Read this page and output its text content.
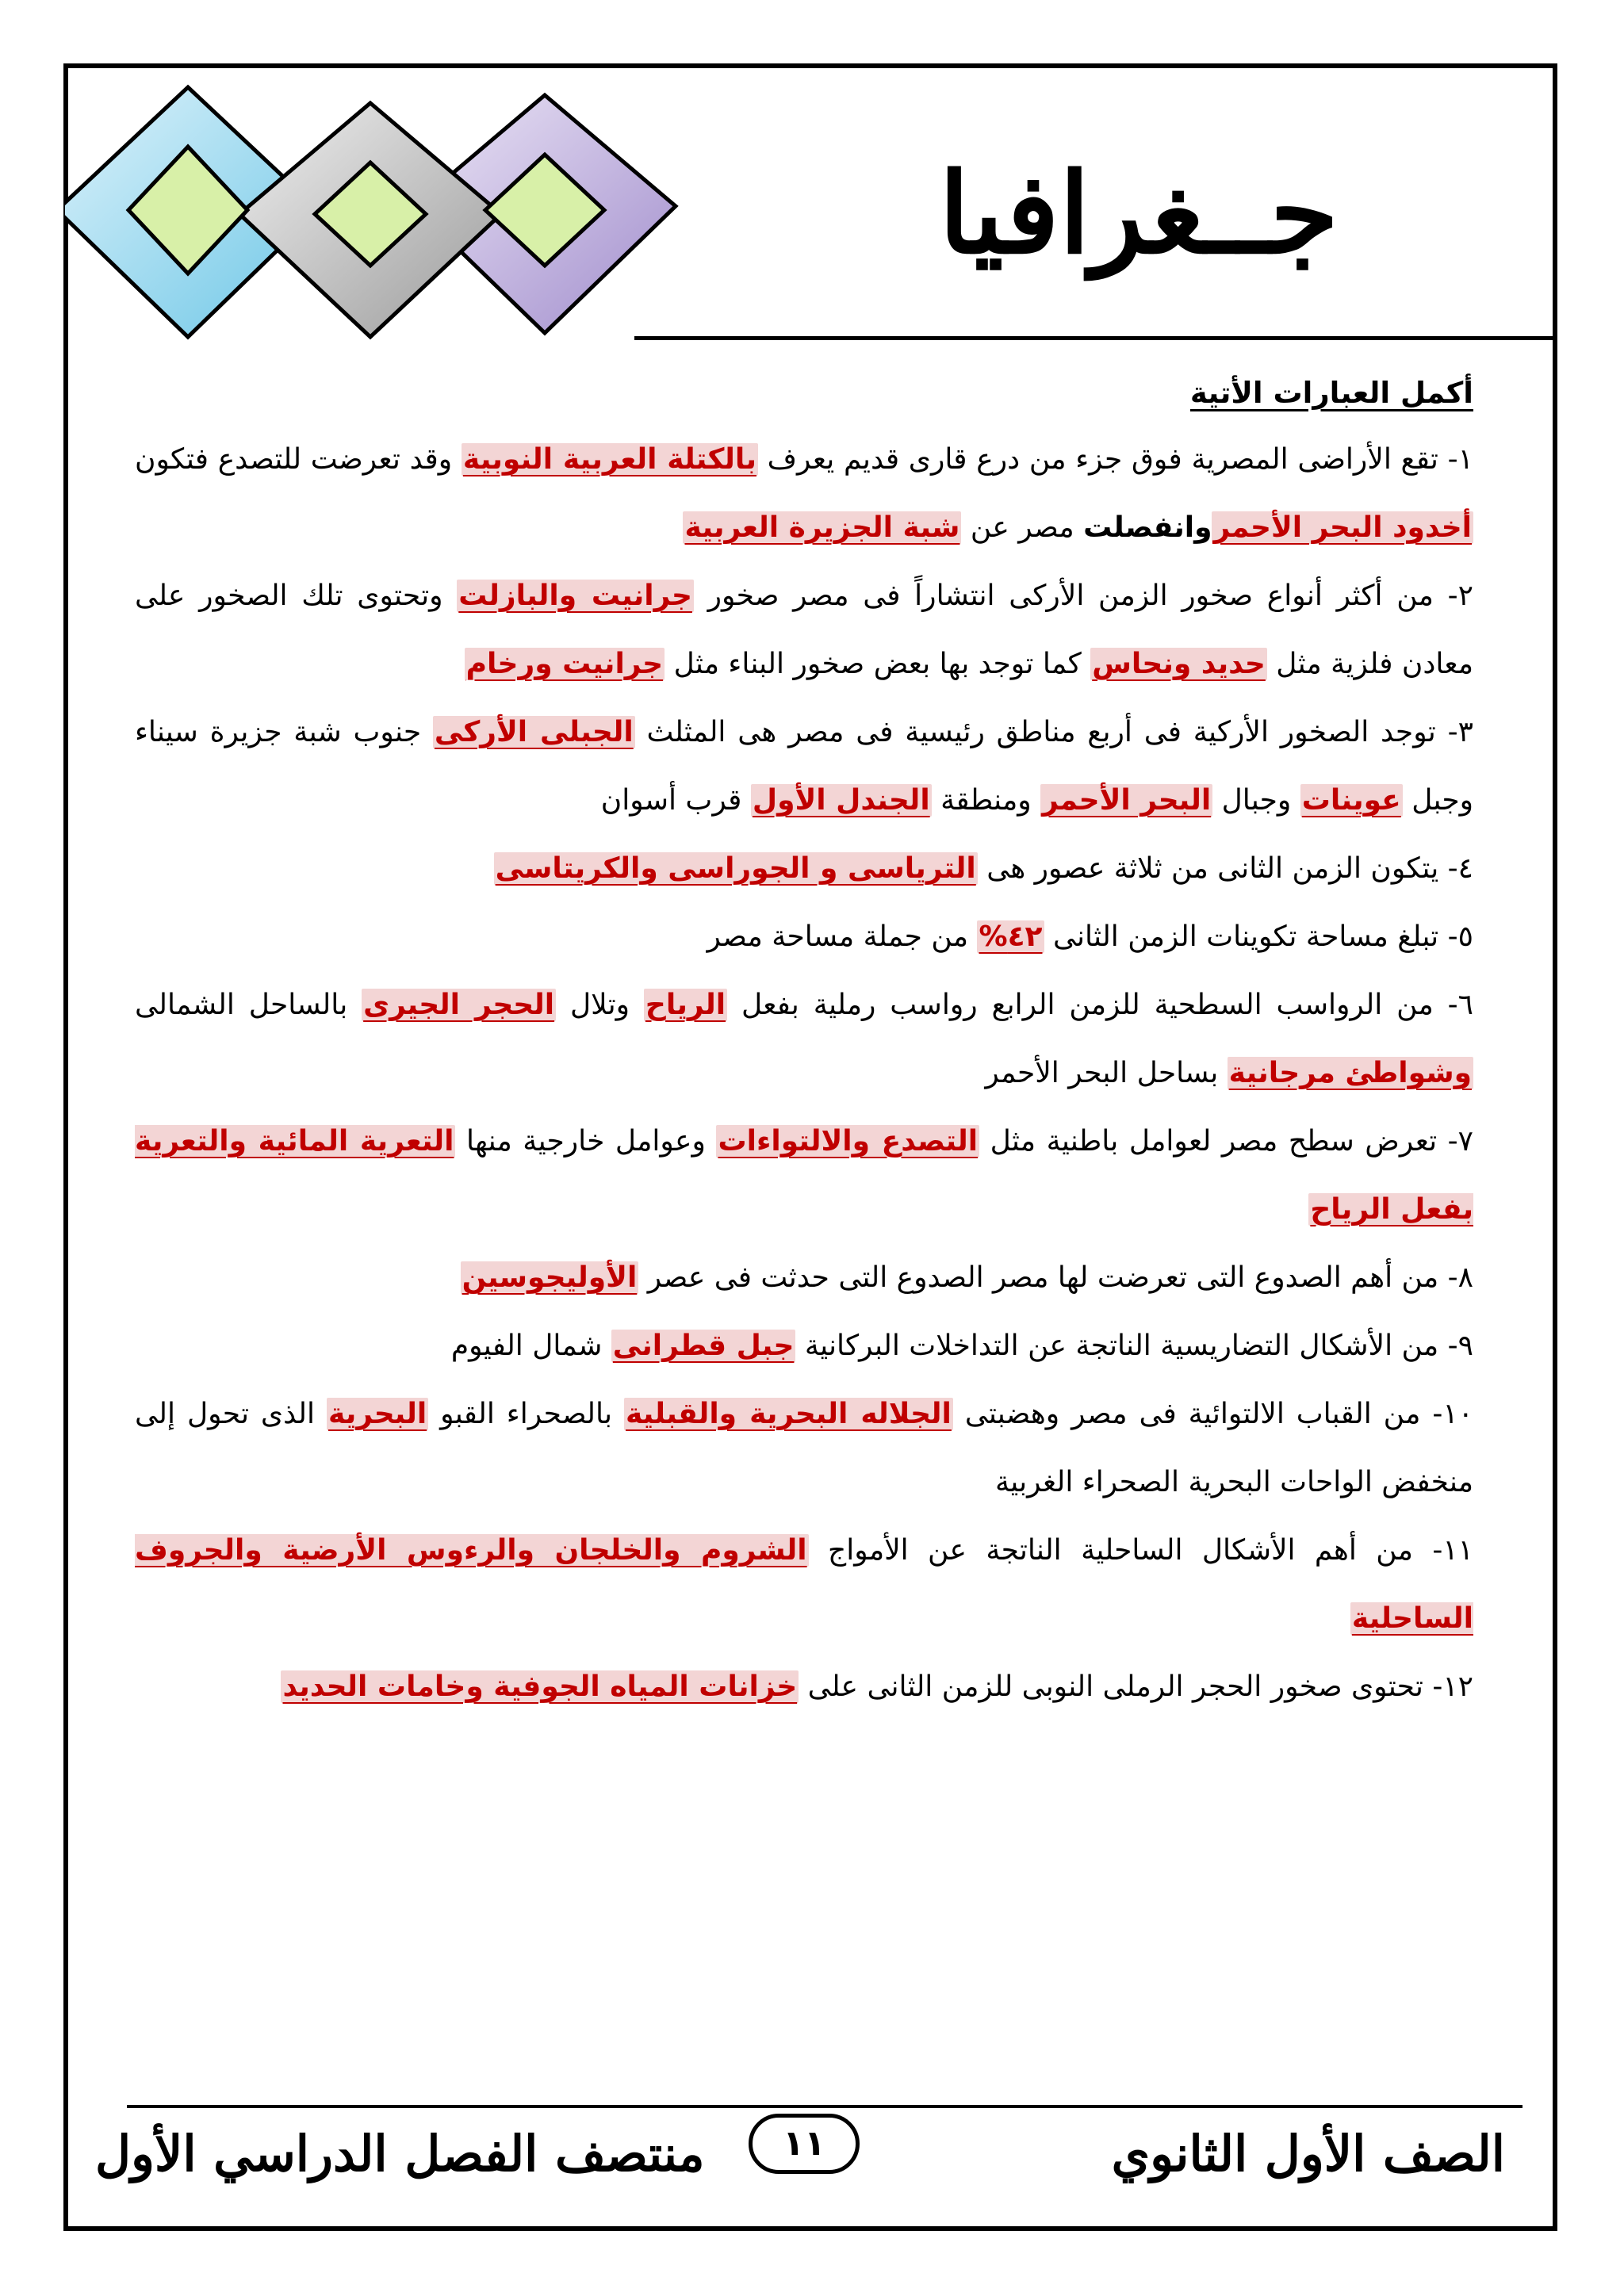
جــغرافيا
أكمل العبارات الأتية

١- تقع الأراضى المصرية فوق جزء من درع قارى قديم يعرف بالكتلة العربية النوبية وقد تعرضت للتصدع فتكون أخدود البحر الأحمروانفصلت مصر عن شبة الجزيرة العربية

٢- من أكثر أنواع صخور الزمن الأركى انتشاراً فى مصر صخور جرانيت والبازلت وتحتوى تلك الصخور على معادن فلزية مثل حديد ونحاس كما توجد بها بعض صخور البناء مثل جرانيت ورخام

٣- توجد الصخور الأركية فى أربع مناطق رئيسية فى مصر هى المثلث الجبلى الأركى جنوب شبة جزيرة سيناء وجبل عوينات وجبال البحر الأحمر ومنطقة الجندل الأول قرب أسوان

٤- يتكون الزمن الثانى من ثلاثة عصور هى الترياسى و الجوراسى والكريتاسى

٥- تبلغ مساحة تكوينات الزمن الثانى ٤٢% من جملة مساحة مصر

٦- من الرواسب السطحية للزمن الرابع رواسب رملية بفعل الرياح وتلال الحجر الجيرى بالساحل الشمالى وشواطئ مرجانية بساحل البحر الأحمر

٧- تعرض سطح مصر لعوامل باطنية مثل التصدع والالتواءات وعوامل خارجية منها التعرية المائية والتعرية بفعل الرياح

٨- من أهم الصدوع التى تعرضت لها مصر الصدوع التى حدثت فى عصر الأوليجوسين

٩- من الأشكال التضاريسية الناتجة عن التداخلات البركانية جبل قطرانى شمال الفيوم

١٠- من القباب الالتوائية فى مصر وهضبتى الجلاله البحرية والقبلية بالصحراء القبو البحرية الذى تحول إلى منخفض الواحات البحرية الصحراء الغربية

١١- من أهم الأشكال الساحلية الناتجة عن الأمواج الشروم والخلجان والرءوس الأرضية والجروف الساحلية

١٢- تحتوى صخور الحجر الرملى النوبى للزمن الثانى على خزانات المياه الجوفية وخامات الحديد

الصف الأول الثانوي
١١
منتصف الفصل الدراسي الأول
